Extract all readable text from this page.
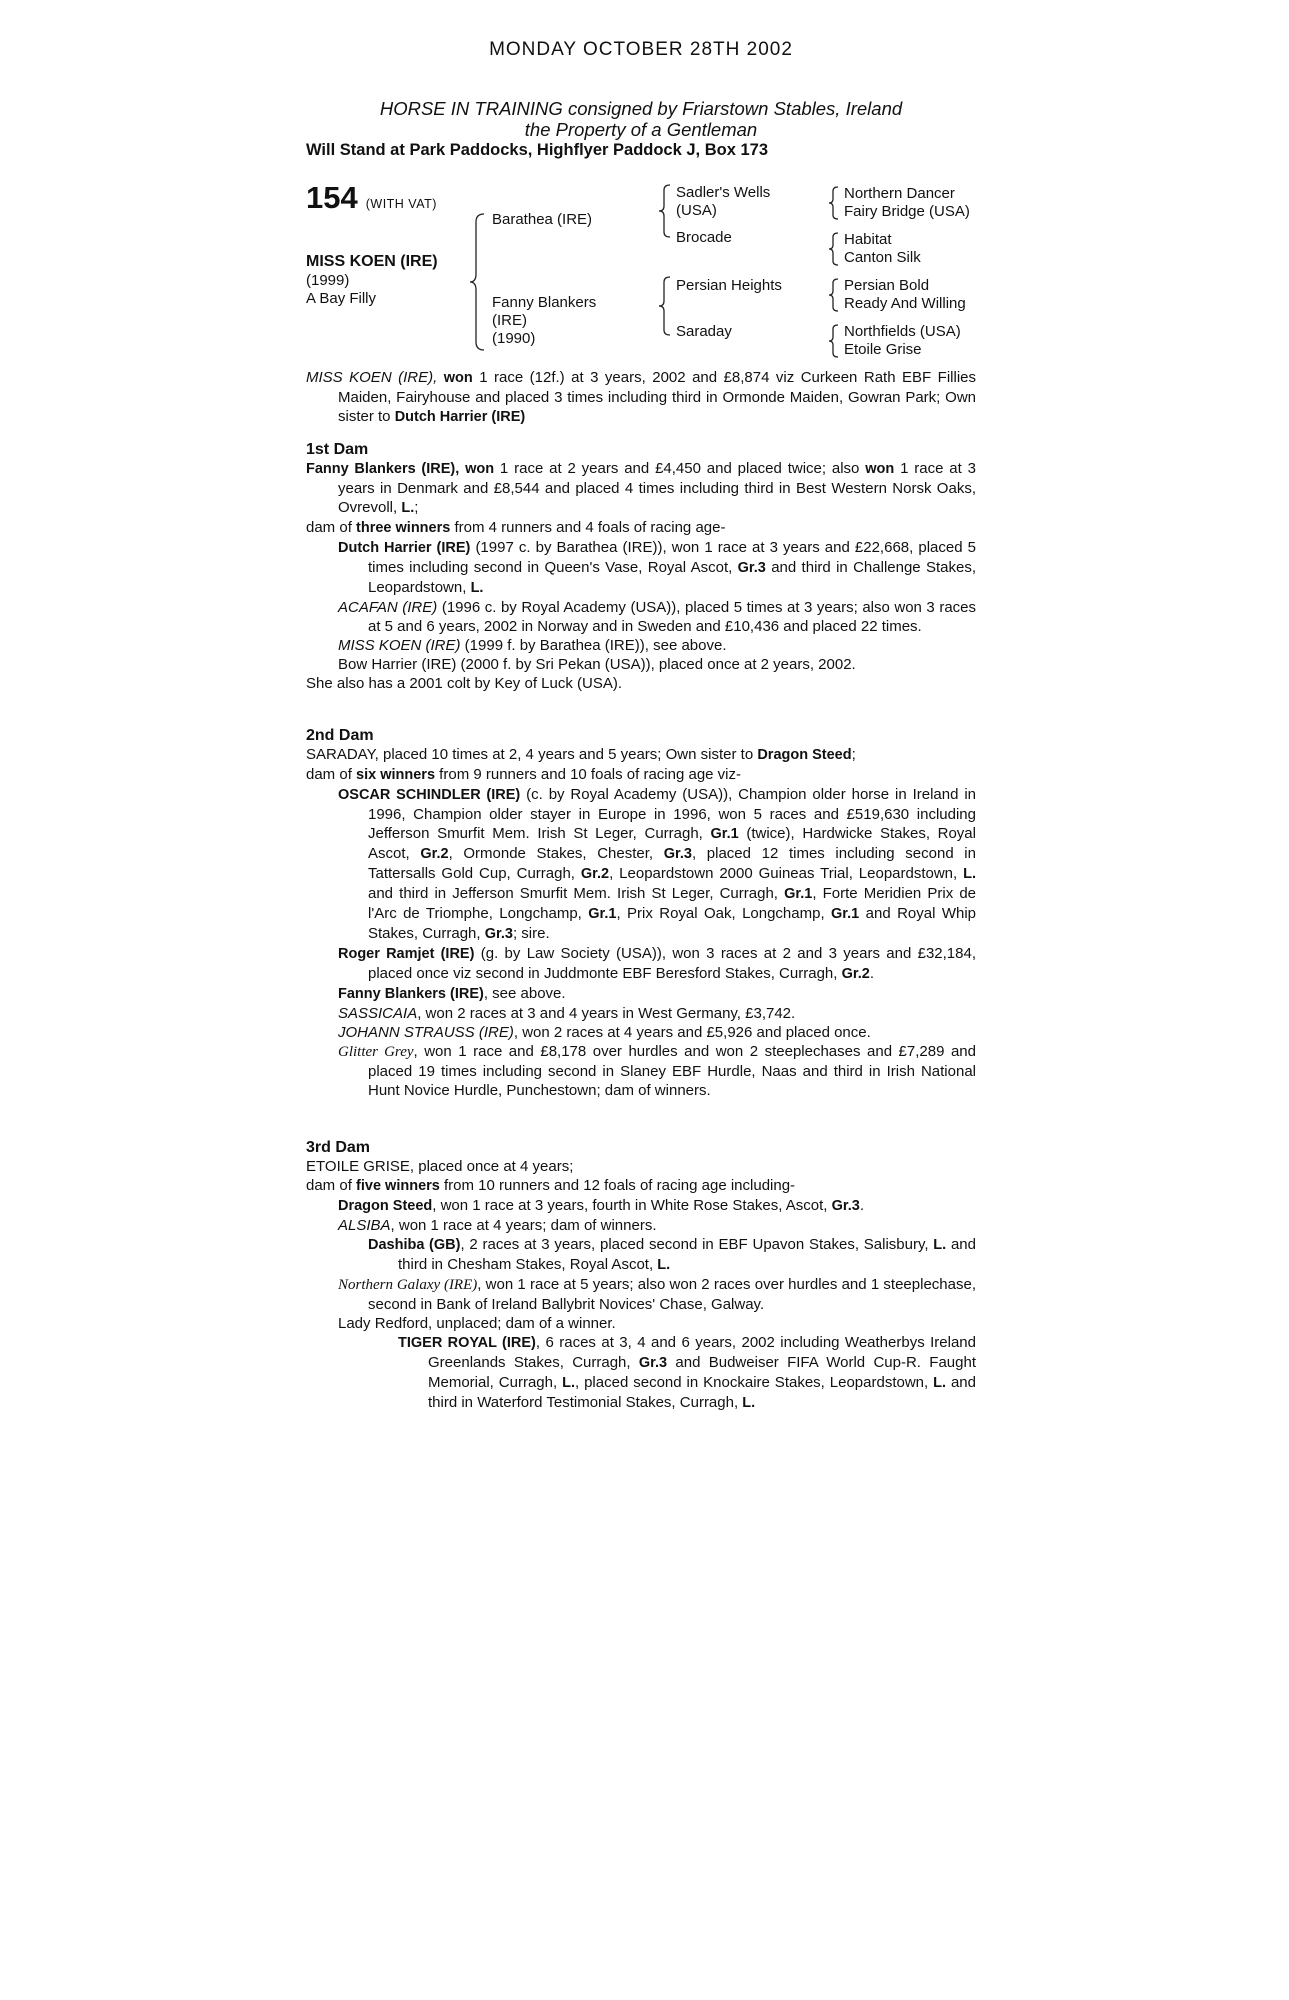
MONDAY OCTOBER 28TH 2002
HORSE IN TRAINING consigned by Friarstown Stables, Ireland
the Property of a Gentleman
Will Stand at Park Paddocks, Highflyer Paddock J, Box 173
154 (WITH VAT)
MISS KOEN (IRE)
(1999)
A Bay Filly
Barathea (IRE)
Fanny Blankers
(IRE)
(1990)
Sadler's Wells
(USA)
Brocade
Persian Heights
Saraday
Northern Dancer
Fairy Bridge (USA)
Habitat
Canton Silk
Persian Bold
Ready And Willing
Northfields (USA)
Etoile Grise

MISS KOEN (IRE), won 1 race (12f.) at 3 years, 2002 and £8,874 viz Curkeen Rath EBF Fillies Maiden, Fairyhouse and placed 3 times including third in Ormonde Maiden, Gowran Park; Own sister to Dutch Harrier (IRE)

1st Dam

Fanny Blankers (IRE), won 1 race at 2 years and £4,450 and placed twice; also won 1 race at 3 years in Denmark and £8,544 and placed 4 times including third in Best Western Norsk Oaks, Ovrevoll, L.;

dam of three winners from 4 runners and 4 foals of racing age-

Dutch Harrier (IRE) (1997 c. by Barathea (IRE)), won 1 race at 3 years and £22,668, placed 5 times including second in Queen's Vase, Royal Ascot, Gr.3 and third in Challenge Stakes, Leopardstown, L.

ACAFAN (IRE) (1996 c. by Royal Academy (USA)), placed 5 times at 3 years; also won 3 races at 5 and 6 years, 2002 in Norway and in Sweden and £10,436 and placed 22 times.

MISS KOEN (IRE) (1999 f. by Barathea (IRE)), see above.

Bow Harrier (IRE) (2000 f. by Sri Pekan (USA)), placed once at 2 years, 2002.

She also has a 2001 colt by Key of Luck (USA).

2nd Dam

SARADAY, placed 10 times at 2, 4 years and 5 years; Own sister to Dragon Steed;

dam of six winners from 9 runners and 10 foals of racing age viz-

OSCAR SCHINDLER (IRE) (c. by Royal Academy (USA)), Champion older horse in Ireland in 1996, Champion older stayer in Europe in 1996, won 5 races and £519,630 including Jefferson Smurfit Mem. Irish St Leger, Curragh, Gr.1 (twice), Hardwicke Stakes, Royal Ascot, Gr.2, Ormonde Stakes, Chester, Gr.3, placed 12 times including second in Tattersalls Gold Cup, Curragh, Gr.2, Leopardstown 2000 Guineas Trial, Leopardstown, L. and third in Jefferson Smurfit Mem. Irish St Leger, Curragh, Gr.1, Forte Meridien Prix de l'Arc de Triomphe, Longchamp, Gr.1, Prix Royal Oak, Longchamp, Gr.1 and Royal Whip Stakes, Curragh, Gr.3; sire.

Roger Ramjet (IRE) (g. by Law Society (USA)), won 3 races at 2 and 3 years and £32,184, placed once viz second in Juddmonte EBF Beresford Stakes, Curragh, Gr.2.

Fanny Blankers (IRE), see above.

SASSICAIA, won 2 races at 3 and 4 years in West Germany, £3,742.

JOHANN STRAUSS (IRE), won 2 races at 4 years and £5,926 and placed once.

Glitter Grey, won 1 race and £8,178 over hurdles and won 2 steeplechases and £7,289 and placed 19 times including second in Slaney EBF Hurdle, Naas and third in Irish National Hunt Novice Hurdle, Punchestown; dam of winners.

3rd Dam

ETOILE GRISE, placed once at 4 years;

dam of five winners from 10 runners and 12 foals of racing age including-

Dragon Steed, won 1 race at 3 years, fourth in White Rose Stakes, Ascot, Gr.3.

ALSIBA, won 1 race at 4 years; dam of winners.

Dashiba (GB), 2 races at 3 years, placed second in EBF Upavon Stakes, Salisbury, L. and third in Chesham Stakes, Royal Ascot, L.

Northern Galaxy (IRE), won 1 race at 5 years; also won 2 races over hurdles and 1 steeplechase, second in Bank of Ireland Ballybrit Novices' Chase, Galway.

Lady Redford, unplaced; dam of a winner.

TIGER ROYAL (IRE), 6 races at 3, 4 and 6 years, 2002 including Weatherbys Ireland Greenlands Stakes, Curragh, Gr.3 and Budweiser FIFA World Cup-R. Faught Memorial, Curragh, L., placed second in Knockaire Stakes, Leopardstown, L. and third in Waterford Testimonial Stakes, Curragh, L.
